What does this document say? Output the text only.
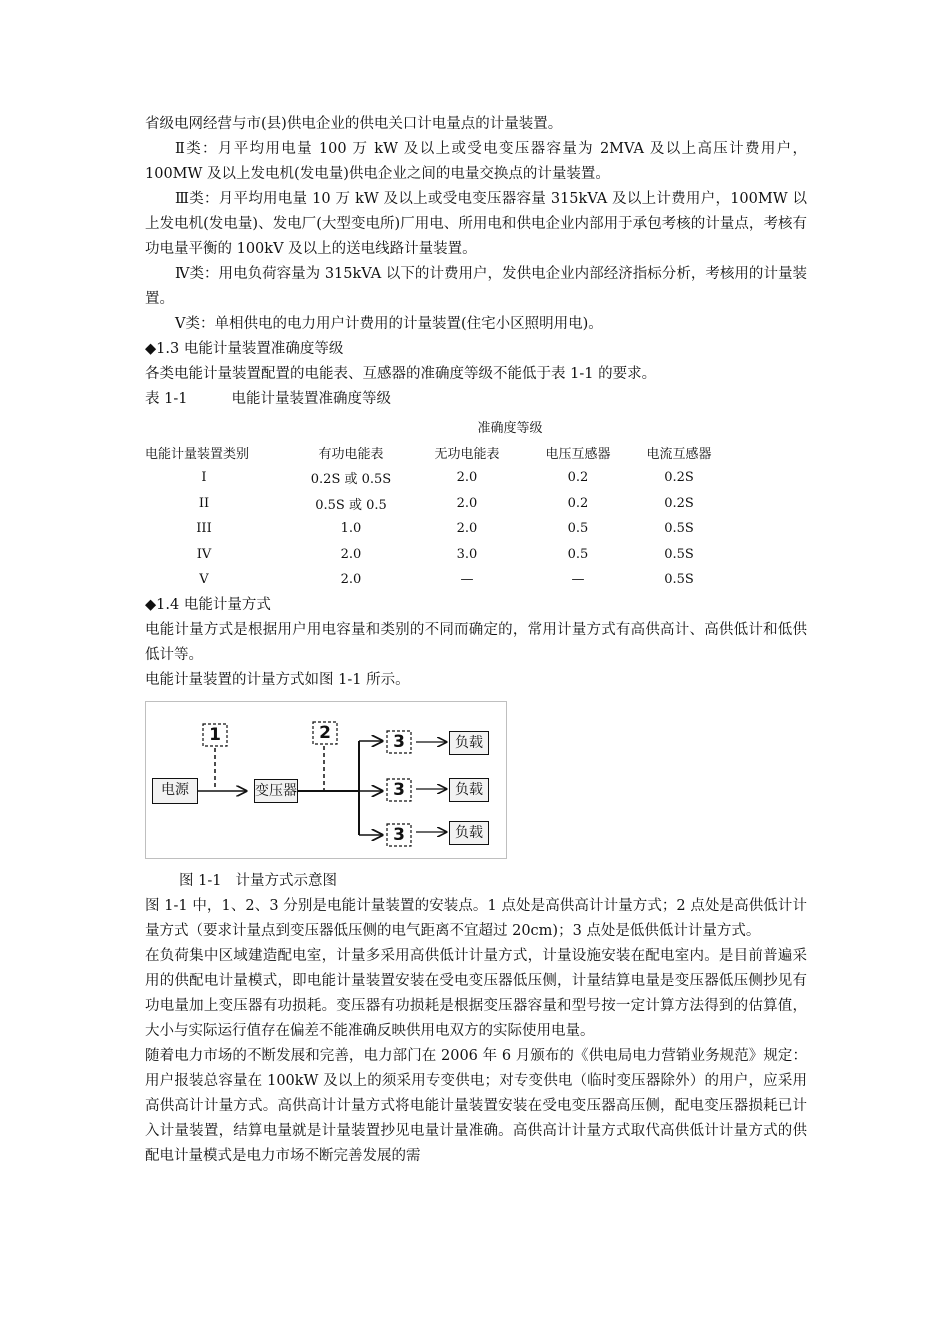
省级电网经营与市(县)供电企业的供电关口计电量点的计量装置。

Ⅱ类：月平均用电量 100 万 kW 及以上或受电变压器容量为 2MVA 及以上高压计费用户，100MW 及以上发电机(发电量)供电企业之间的电量交换点的计量装置。

Ⅲ类：月平均用电量 10 万 kW 及以上或受电变压器容量 315kVA 及以上计费用户，100MW 以上发电机(发电量)、发电厂(大型变电所)厂用电、所用电和供电企业内部用于承包考核的计量点，考核有功电量平衡的 100kV 及以上的送电线路计量装置。

Ⅳ类：用电负荷容量为 315kVA 以下的计费用户，发供电企业内部经济指标分析，考核用的计量装置。

Ⅴ类：单相供电的电力用户计费用的计量装置(住宅小区照明用电)。

◆1.3 电能计量装置准确度等级

各类电能计量装置配置的电能表、互感器的准确度等级不能低于表 1-1 的要求。

表 1-1	电能计量装置准确度等级
	准确度等级			
电能计量装置类别	有功电能表	无功电能表	电压互感器	电流互感器
I	0.2S 或 0.5S	2.0	0.2	0.2S
II	0.5S 或 0.5	2.0	0.2	0.2S
III	1.0	2.0	0.5	0.5S
IV	2.0	3.0	0.5	0.5S
V	2.0	—	—	0.5S
◆1.4 电能计量方式

电能计量方式是根据用户用电容量和类别的不同而确定的，常用计量方式有高供高计、高供低计和低供低计等。

电能计量装置的计量方式如图 1-1 所示。

1	2	3
3
3
电源	变压器
负载
负载
负载
图 1-1 计量方式示意图

图 1-1 中，1、2、3 分别是电能计量装置的安装点。1 点处是高供高计计量方式；2 点处是高供低计计量方式（要求计量点到变压器低压侧的电气距离不宜超过 20cm)；3 点处是低供低计计量方式。

在负荷集中区域建造配电室，计量多采用高供低计计量方式，计量设施安装在配电室内。是目前普遍采用的供配电计量模式，即电能计量装置安装在受电变压器低压侧，计量结算电量是变压器低压侧抄见有功电量加上变压器有功损耗。变压器有功损耗是根据变压器容量和型号按一定计算方法得到的估算值，大小与实际运行值存在偏差不能准确反映供用电双方的实际使用电量。

随着电力市场的不断发展和完善，电力部门在 2006 年 6 月颁布的《供电局电力营销业务规范》规定：用户报装总容量在 100kW 及以上的须采用专变供电；对专变供电（临时变压器除外）的用户，应采用高供高计计量方式。高供高计计量方式将电能计量装置安装在受电变压器高压侧，配电变压器损耗已计入计量装置，结算电量就是计量装置抄见电量计量准确。高供高计计量方式取代高供低计计量方式的供配电计量模式是电力市场不断完善发展的需
